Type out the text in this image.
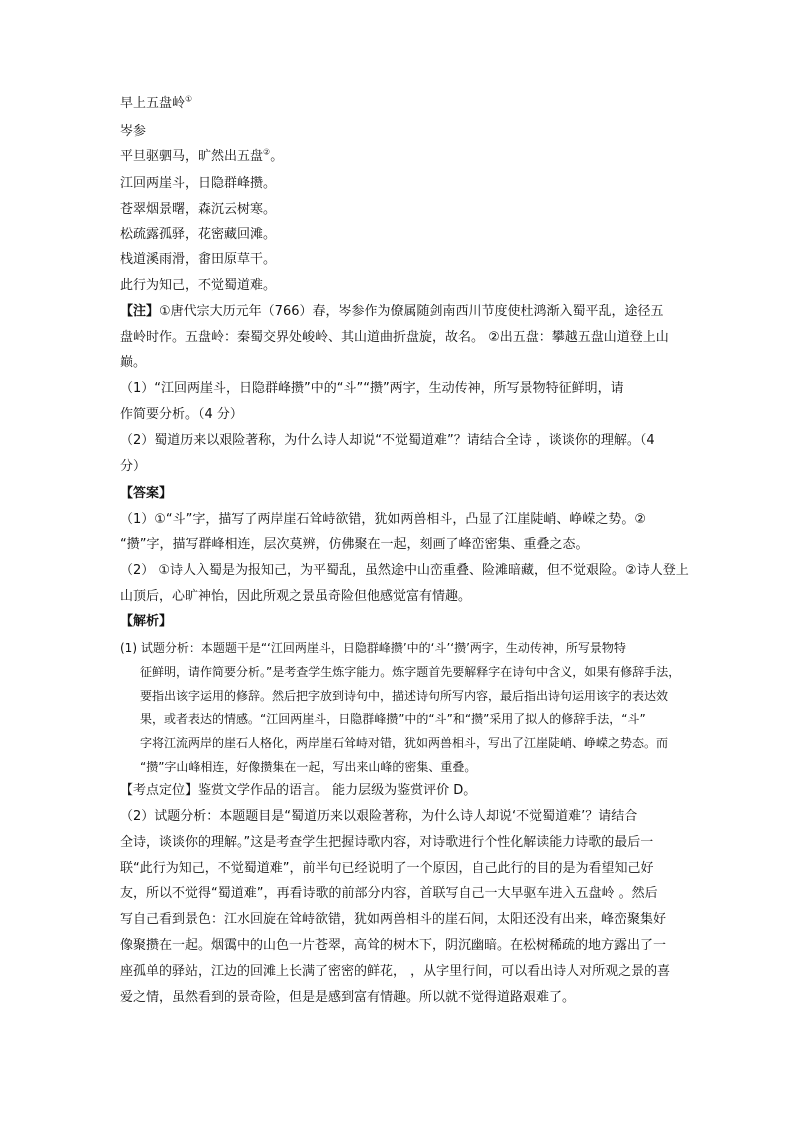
早上五盘岭①
岑参
平旦驱驷马，旷然出五盘②。
江回两崖斗，日隐群峰攒。
苍翠烟景曙，森沉云树寒。
松疏露孤驿，花密藏回滩。
栈道溪雨滑，畬田原草干。
此行为知己，不觉蜀道难。
【注】①唐代宗大历元年（766）春，岑参作为僚属随剑南西川节度使杜鸿渐入蜀平乱，途径五
盘岭时作。五盘岭：秦蜀交界处峻岭、其山道曲折盘旋，故名。 ②出五盘：攀越五盘山道登上山
巅。
（1）“江回两崖斗，日隐群峰攒”中的“斗”“攒”两字，生动传神，所写景物特征鲜明，请
作简要分析。（4 分）
（2）蜀道历来以艰险著称，为什么诗人却说“不觉蜀道难”？请结合全诗 ，谈谈你的理解。（4
分）
【答案】
（1）①“斗”字，描写了两岸崖石耸峙欲错，犹如两兽相斗，凸显了江崖陡峭、峥嵘之势。②
“攒”字，描写群峰相连，层次莫辨，仿佛聚在一起，刻画了峰峦密集、重叠之态。
（2） ①诗人入蜀是为报知己，为平蜀乱，虽然途中山峦重叠、险滩暗藏，但不觉艰险。②诗人登上
山顶后，心旷神怡，因此所观之景虽奇险但他感觉富有情趣。
【解析】
(1) 试题分析：本题题干是“‘江回两崖斗，日隐群峰攒’中的‘斗’‘攒’两字，生动传神，所写景物特
征鲜明，请作简要分析。”是考查学生炼字能力。炼字题首先要解释字在诗句中含义，如果有修辞手法，
要指出该字运用的修辞。然后把字放到诗句中，描述诗句所写内容，最后指出诗句运用该字的表达效
果，或者表达的情感。“江回两崖斗，日隐群峰攒”中的“斗”和“攒”采用了拟人的修辞手法，“斗”
字将江流两岸的崖石人格化，两岸崖石耸峙对错，犹如两兽相斗，写出了江崖陡峭、峥嵘之势态。而
“攒”字山峰相连，好像攒集在一起，写出来山峰的密集、重叠。
【考点定位】鉴赏文学作品的语言。 能力层级为鉴赏评价 D。
（2）试题分析：本题题目是“蜀道历来以艰险著称，为什么诗人却说‘不觉蜀道难’？请结合
全诗，谈谈你的理解。”这是考查学生把握诗歌内容，对诗歌进行个性化解读能力诗歌的最后一
联“此行为知己，不觉蜀道难”，前半句已经说明了一个原因，自己此行的目的是为看望知己好
友，所以不觉得“蜀道难”，再看诗歌的前部分内容，首联写自己一大早驱车进入五盘岭 。然后
写自己看到景色：江水回旋在耸峙欲错，犹如两兽相斗的崖石间，太阳还没有出来，峰峦聚集好
像聚攒在一起。烟霭中的山色一片苍翠，高耸的树木下，阴沉幽暗。在松树稀疏的地方露出了一
座孤单的驿站，江边的回滩上长满了密密的鲜花， ，从字里行间，可以看出诗人对所观之景的喜
爱之情，虽然看到的景奇险，但是是感到富有情趣。所以就不觉得道路艰难了。
